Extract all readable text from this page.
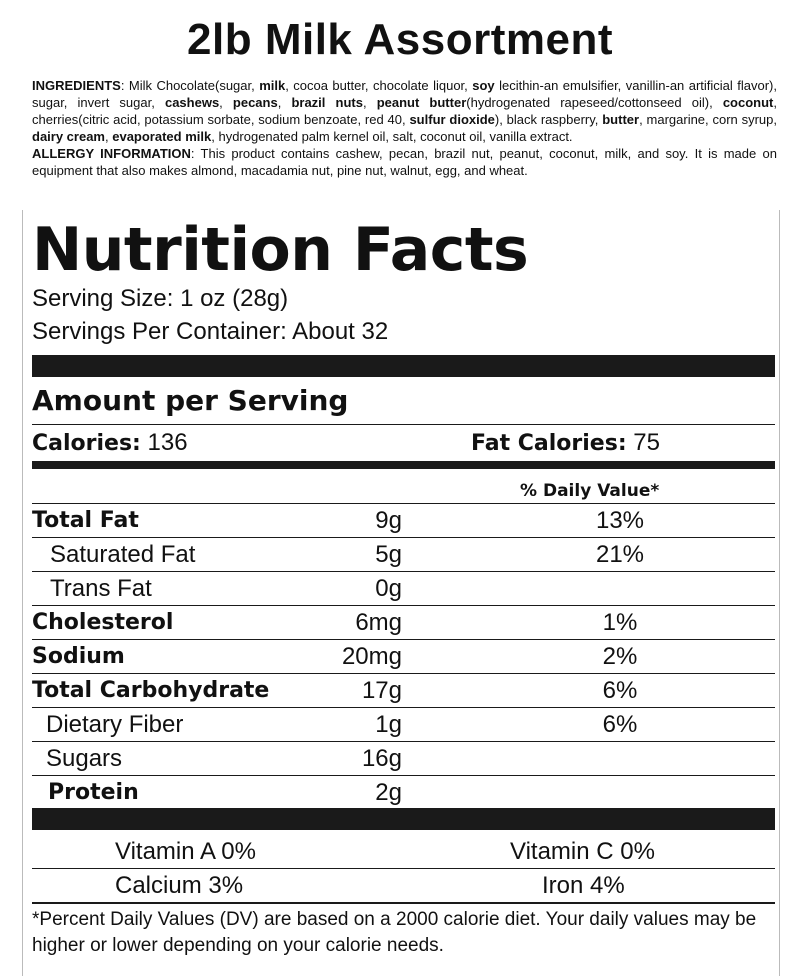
2lb Milk Assortment
INGREDIENTS: Milk Chocolate(sugar, milk, cocoa butter, chocolate liquor, soy lecithin-an emulsifier, vanillin-an artificial flavor), sugar, invert sugar, cashews, pecans, brazil nuts, peanut butter(hydrogenated rapeseed/cottonseed oil), coconut, cherries(citric acid, potassium sorbate, sodium benzoate, red 40, sulfur dioxide), black raspberry, butter, margarine, corn syrup, dairy cream, evaporated milk, hydrogenated palm kernel oil, salt, coconut oil, vanilla extract.
ALLERGY INFORMATION: This product contains cashew, pecan, brazil nut, peanut, coconut, milk, and soy. It is made on equipment that also makes almond, macadamia nut, pine nut, walnut, egg, and wheat.
Nutrition Facts
Serving Size: 1 oz (28g)
Servings Per Container: About 32
Amount per Serving
Calories: 136	Fat Calories: 75
% Daily Value*
Total Fat	9g	13%
Saturated Fat	5g	21%
Trans Fat	0g
Cholesterol	6mg	1%
Sodium	20mg	2%
Total Carbohydrate	17g	6%
Dietary Fiber	1g	6%
Sugars	16g
Protein	2g
Vitamin A 0%	Vitamin C 0%
Calcium 3%	Iron 4%
*Percent Daily Values (DV) are based on a 2000 calorie diet. Your daily values may be higher or lower depending on your calorie needs.
